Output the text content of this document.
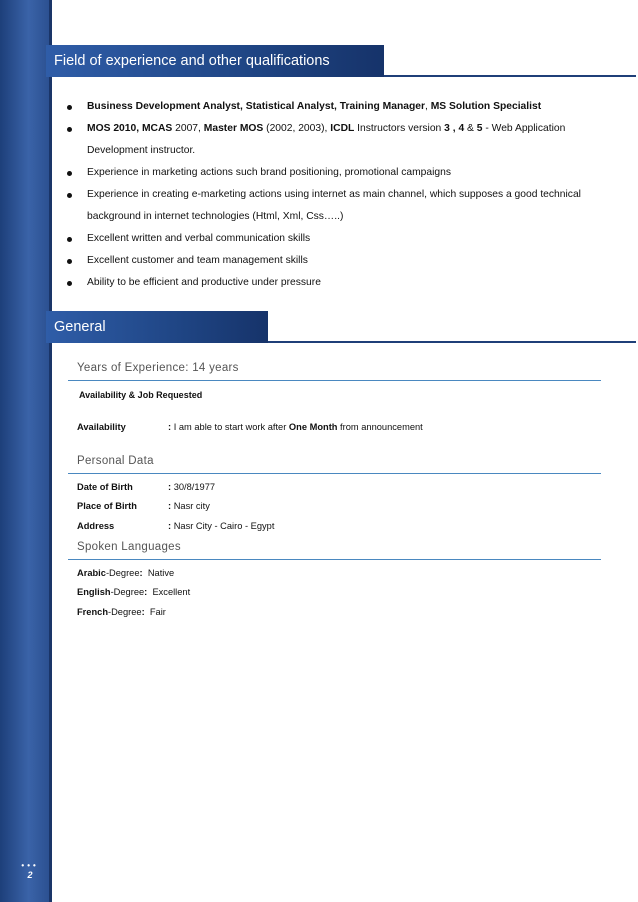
Field of experience and other qualifications
Business Development Analyst, Statistical Analyst, Training Manager, MS Solution Specialist
MOS 2010, MCAS 2007, Master MOS (2002, 2003), ICDL Instructors version 3 , 4 & 5 - Web Application Development instructor.
Experience in marketing actions such brand positioning, promotional campaigns
Experience in creating e-marketing actions using internet as main channel, which supposes a good technical background in internet technologies (Html, Xml, Css…..)
Excellent written and verbal communication skills
Excellent customer and team management skills
Ability to be efficient and productive under pressure
General
Years of Experience: 14 years
Availability & Job Requested
Availability	: I am able to start work after One Month from announcement
Personal Data
Date of Birth	: 30/8/1977
Place of Birth	: Nasr city
Address	: Nasr City - Cairo - Egypt
Spoken Languages
Arabic-Degree: Native
English-Degree: Excellent
French-Degree: Fair
•••
2
